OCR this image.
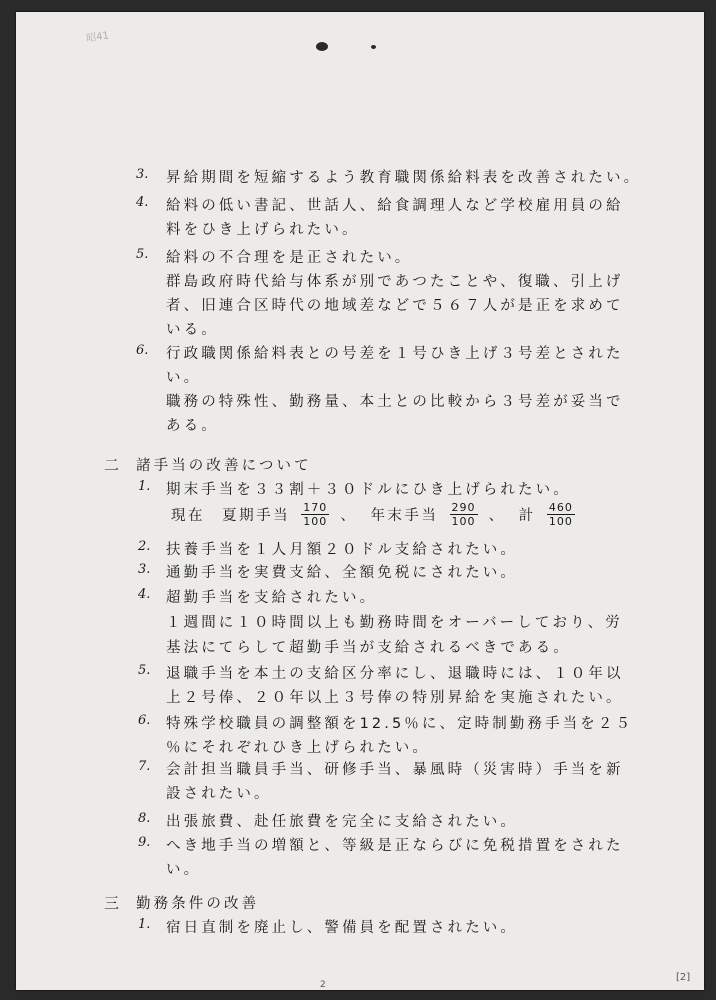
昭41
3. 昇給期間を短縮するよう教育職関係給料表を改善されたい。
4. 給料の低い書記、世話人、給食調理人など学校雇用員の給
料をひき上げられたい。
5. 給料の不合理を是正されたい。
群島政府時代給与体系が別であつたことや、復職、引上げ
者、旧連合区時代の地域差などで５６７人が是正を求めて
いる。
6. 行政職関係給料表との号差を１号ひき上げ３号差とされた
い。
職務の特殊性、勤務量、本土との比較から３号差が妥当で
ある。
二 諸手当の改善について
1. 期末手当を３３割＋３０ドルにひき上げられたい。
現在 夏期手当 $\frac{170}{100}$ 、 年末手当 $\frac{290}{100}$ 、 計 $\frac{460}{100}$
2. 扶養手当を１人月額２０ドル支給されたい。
3. 通勤手当を実費支給、全額免税にされたい。
4. 超勤手当を支給されたい。
１週間に１０時間以上も勤務時間をオーバーしており、労
基法にてらして超勤手当が支給されるべきである。
5. 退職手当を本土の支給区分率にし、退職時には、１０年以
上２号俸、２０年以上３号俸の特別昇給を実施されたい。
6. 特殊学校職員の調整額を12.5％に、定時制勤務手当を２５
％にそれぞれひき上げられたい。
7. 会計担当職員手当、研修手当、暴風時（災害時）手当を新
設されたい。
8. 出張旅費、赴任旅費を完全に支給されたい。
9. へき地手当の増額と、等級是正ならびに免税措置をされた
い。
三 勤務条件の改善
1. 宿日直制を廃止し、警備員を配置されたい。
2
[2]
